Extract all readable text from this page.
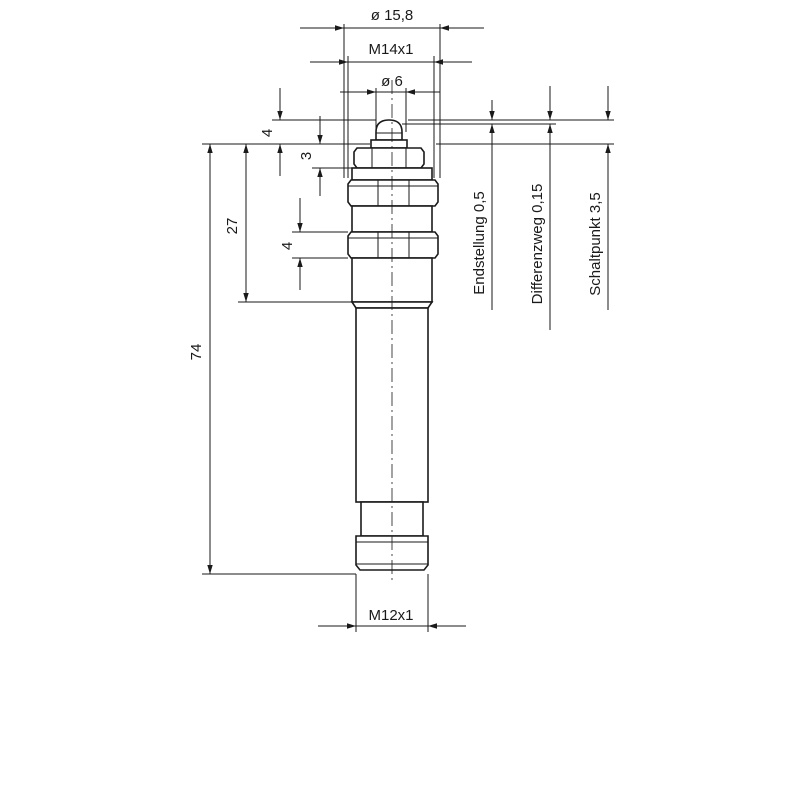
ø 15,8
M14x1
ø 6
4
3
4
27
74
Endstellung 0,5	Differenzweg 0,15	Schaltpunkt 3,5
M12x1
